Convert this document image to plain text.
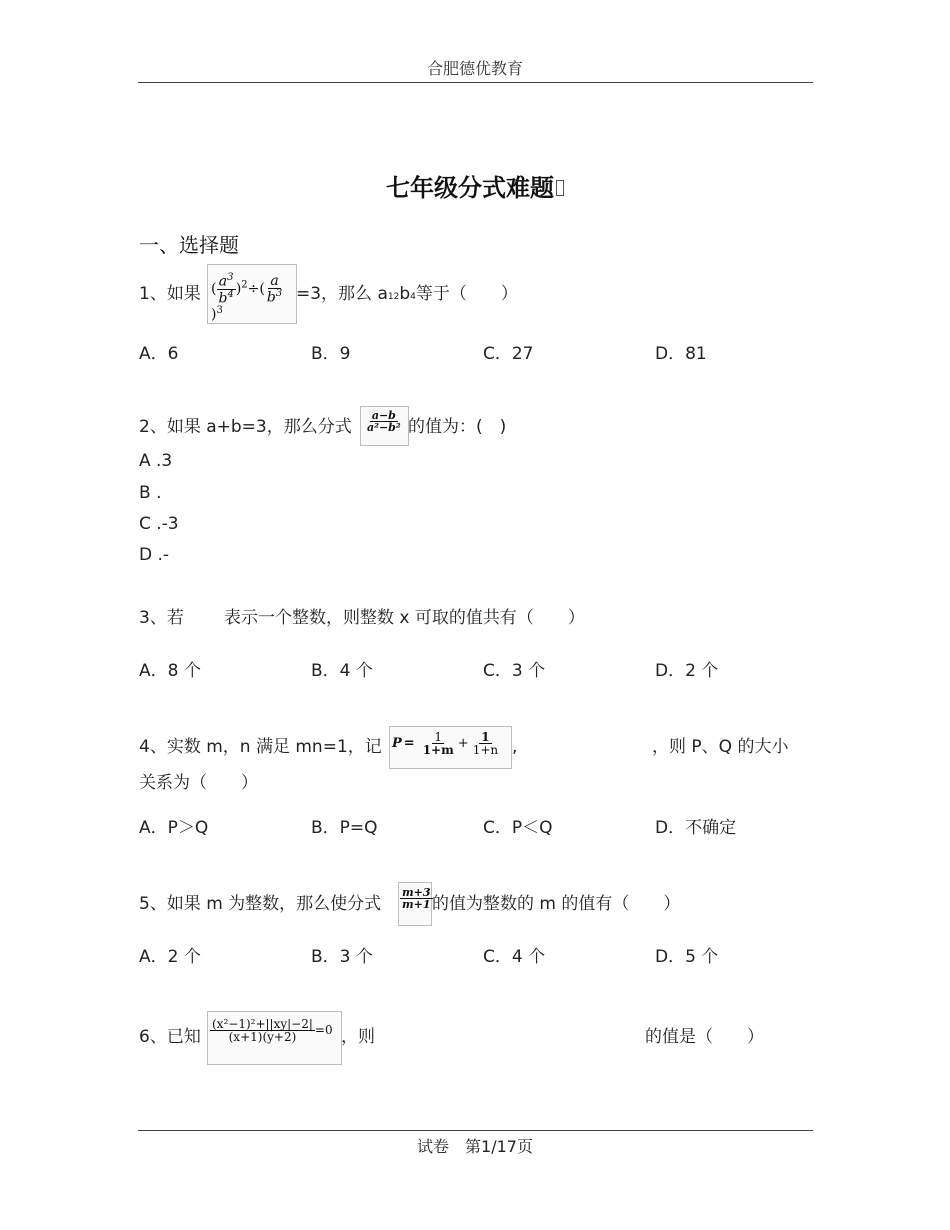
合肥德优教育
七年级分式难题
一、选择题
1、如果 ( $\frac{a^3}{b^4} )^2\div( \frac{a}{b^3}$
)$^3$
=3，那么 a12b4等于（　　）
A．6	B．9	C．27	D．81
2、如果 a+b=3，那么分式 $\frac{a-b}{\text{a²−b²}}$ 的值为：(　)
A .3
B .
C .-3
D .-
3、若 表示一个整数，则整数 x 可取的值共有（　　）
A．8 个	B．4 个	C．3 个	D．2 个
4、实数 m，n 满足 mn=1，记 $P = \frac{1}{1+m} + \frac{1}{1+n}$ ,	，则 P、Q 的大小
关系为（　　）
A．P＞Q	B．P=Q	C．P＜Q	D．不确定
5、如果 m 为整数，那么使分式 $\frac{m+3}{m+1}$ 的值为整数的 m 的值有（　　）
A．2 个	B．3 个	C．4 个	D．5 个
6、已知 $\frac{\text{(x²−1)²+||xy|−2|}}{(x+1)(y+2)} =0$ ，则	的值是（　　）
试卷　第1/17页
